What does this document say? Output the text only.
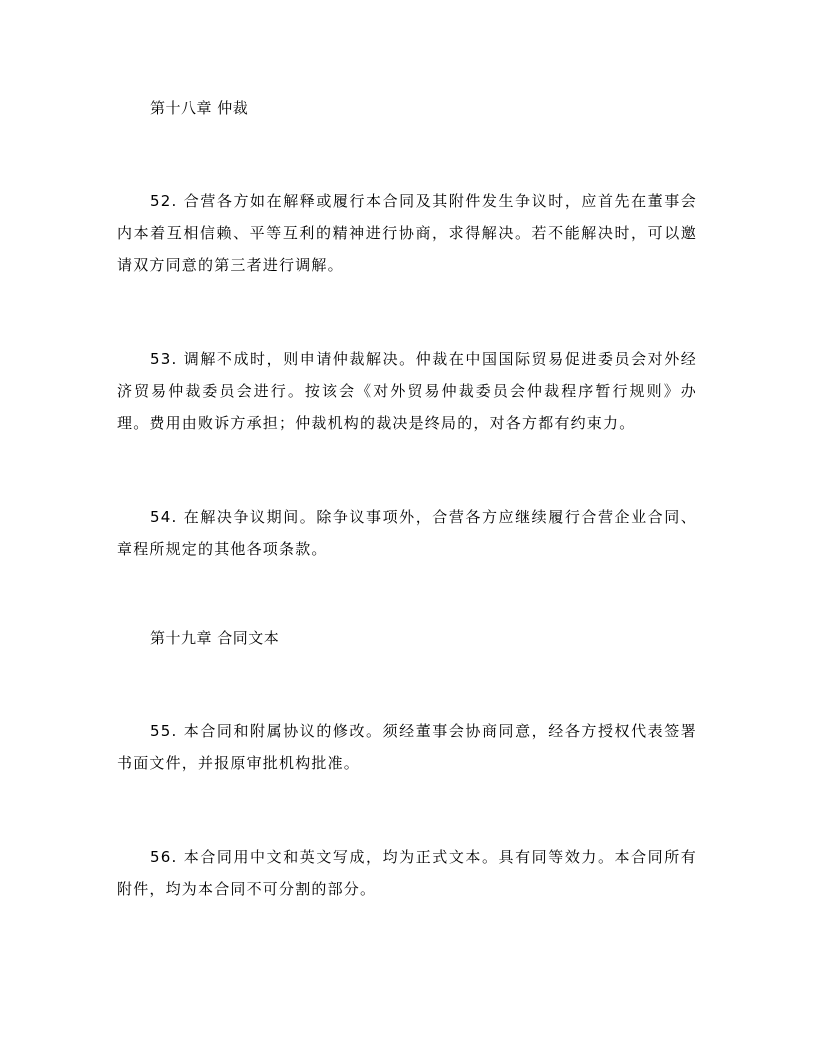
第十八章 仲裁

52. 合营各方如在解释或履行本合同及其附件发生争议时，应首先在董事会内本着互相信赖、平等互利的精神进行协商，求得解决。若不能解决时，可以邀请双方同意的第三者进行调解。

53. 调解不成时，则申请仲裁解决。仲裁在中国国际贸易促进委员会对外经济贸易仲裁委员会进行。按该会《对外贸易仲裁委员会仲裁程序暂行规则》办理。费用由败诉方承担；仲裁机构的裁决是终局的，对各方都有约束力。

54. 在解决争议期间。除争议事项外，合营各方应继续履行合营企业合同、章程所规定的其他各项条款。

第十九章 合同文本

55. 本合同和附属协议的修改。须经董事会协商同意，经各方授权代表签署书面文件，并报原审批机构批准。

56. 本合同用中文和英文写成，均为正式文本。具有同等效力。本合同所有附件，均为本合同不可分割的部分。
